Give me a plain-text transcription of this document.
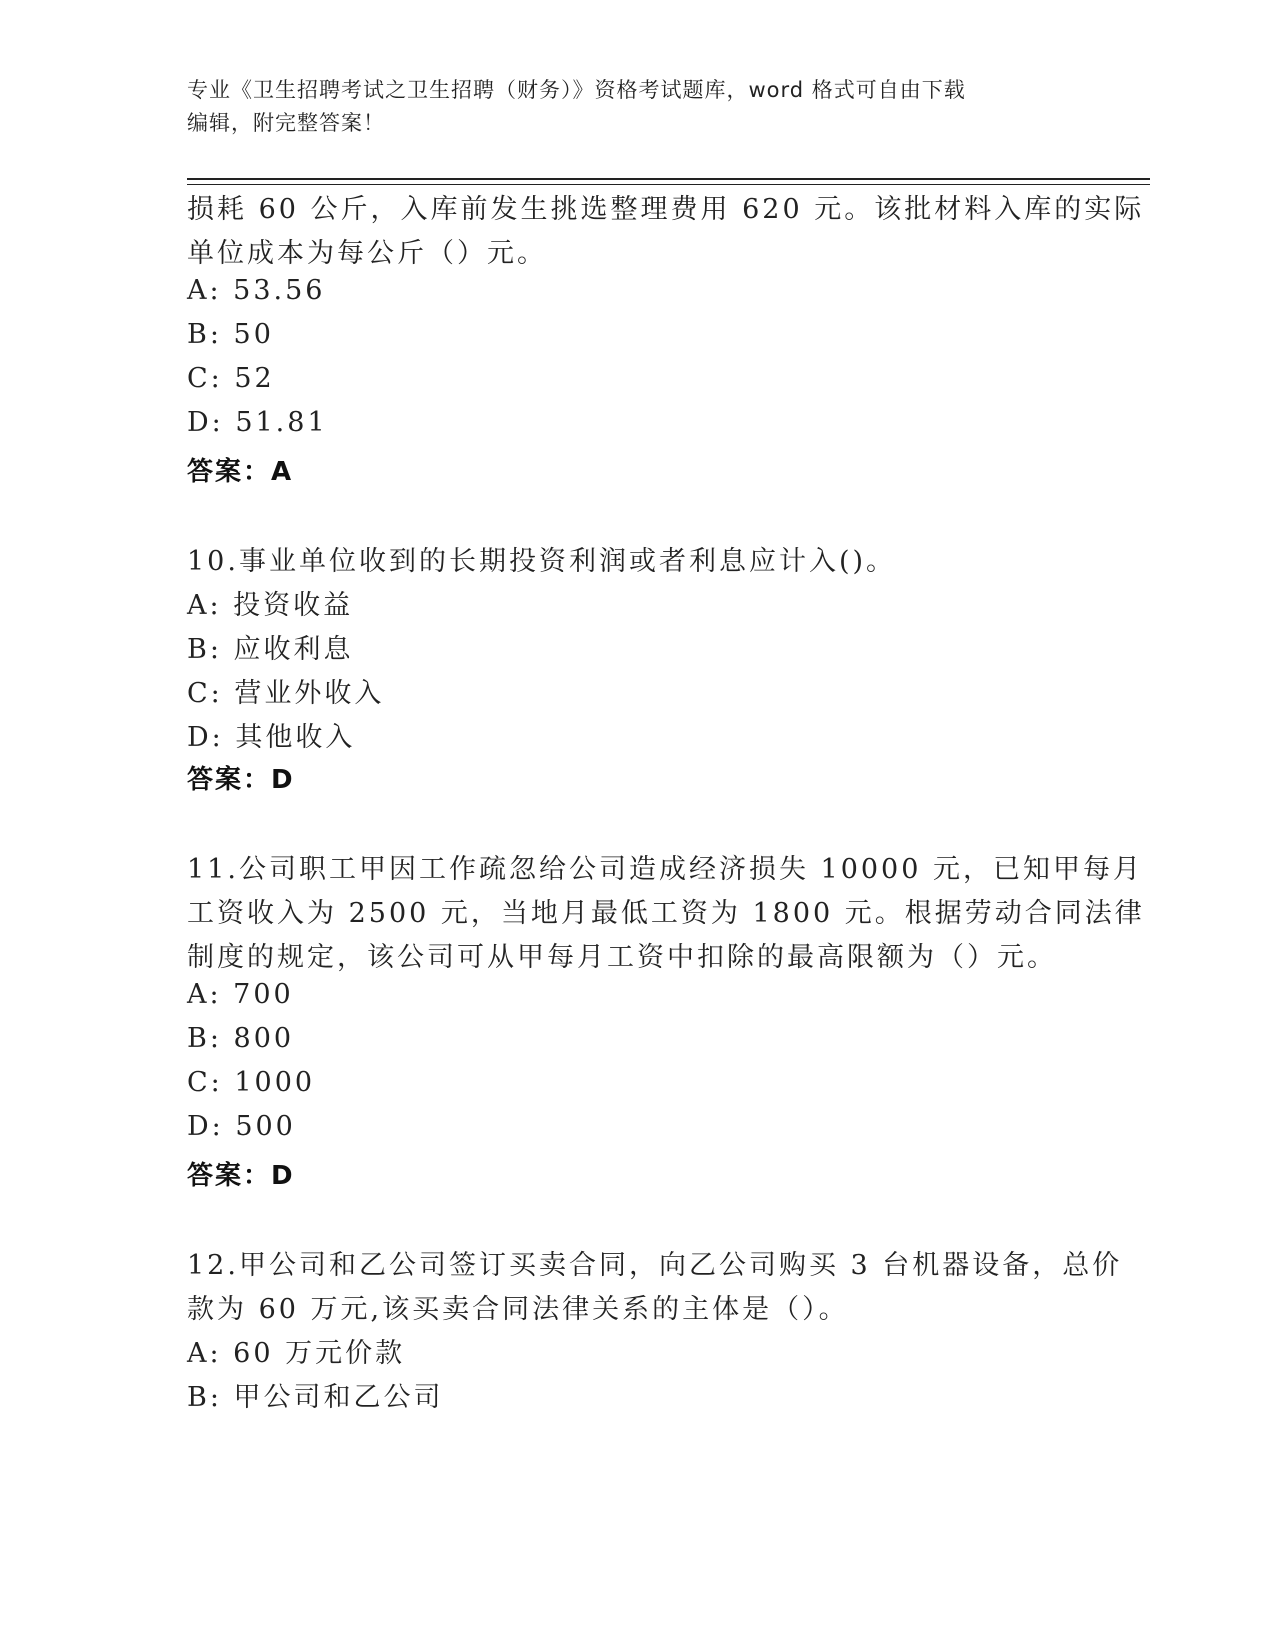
专业《卫生招聘考试之卫生招聘（财务）》资格考试题库，word 格式可自由下载
编辑，附完整答案！
损耗 60 公斤，入库前发生挑选整理费用 620 元。该批材料入库的实际
单位成本为每公斤（）元。
A: 53.56
B: 50
C: 52
D: 51.81
答案：A
10.事业单位收到的长期投资利润或者利息应计入()。
A: 投资收益
B: 应收利息
C: 营业外收入
D: 其他收入
答案：D
11.公司职工甲因工作疏忽给公司造成经济损失 10000 元，已知甲每月
工资收入为 2500 元，当地月最低工资为 1800 元。根据劳动合同法律
制度的规定，该公司可从甲每月工资中扣除的最高限额为（）元。
A: 700
B: 800
C: 1000
D: 500
答案：D
12.甲公司和乙公司签订买卖合同，向乙公司购买 3 台机器设备，总价
款为 60 万元,该买卖合同法律关系的主体是（）。
A: 60 万元价款
B: 甲公司和乙公司
